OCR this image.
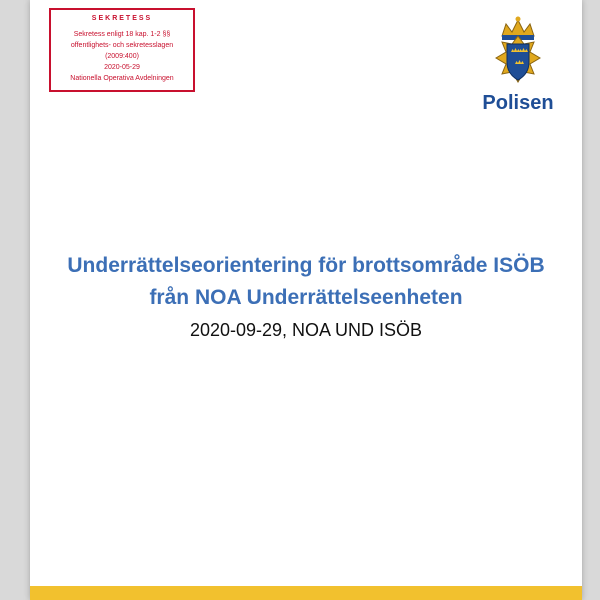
SEKRETESS
Sekretess enligt 18 kap. 1-2 §§
offentlighets- och sekretesslagen
(2009:400)
2020-05-29
Nationella Operativa Avdelningen
Polisen
Underrättelseorientering för brottsområde ISÖB
från NOA Underrättelseenheten
2020-09-29, NOA UND ISÖB
